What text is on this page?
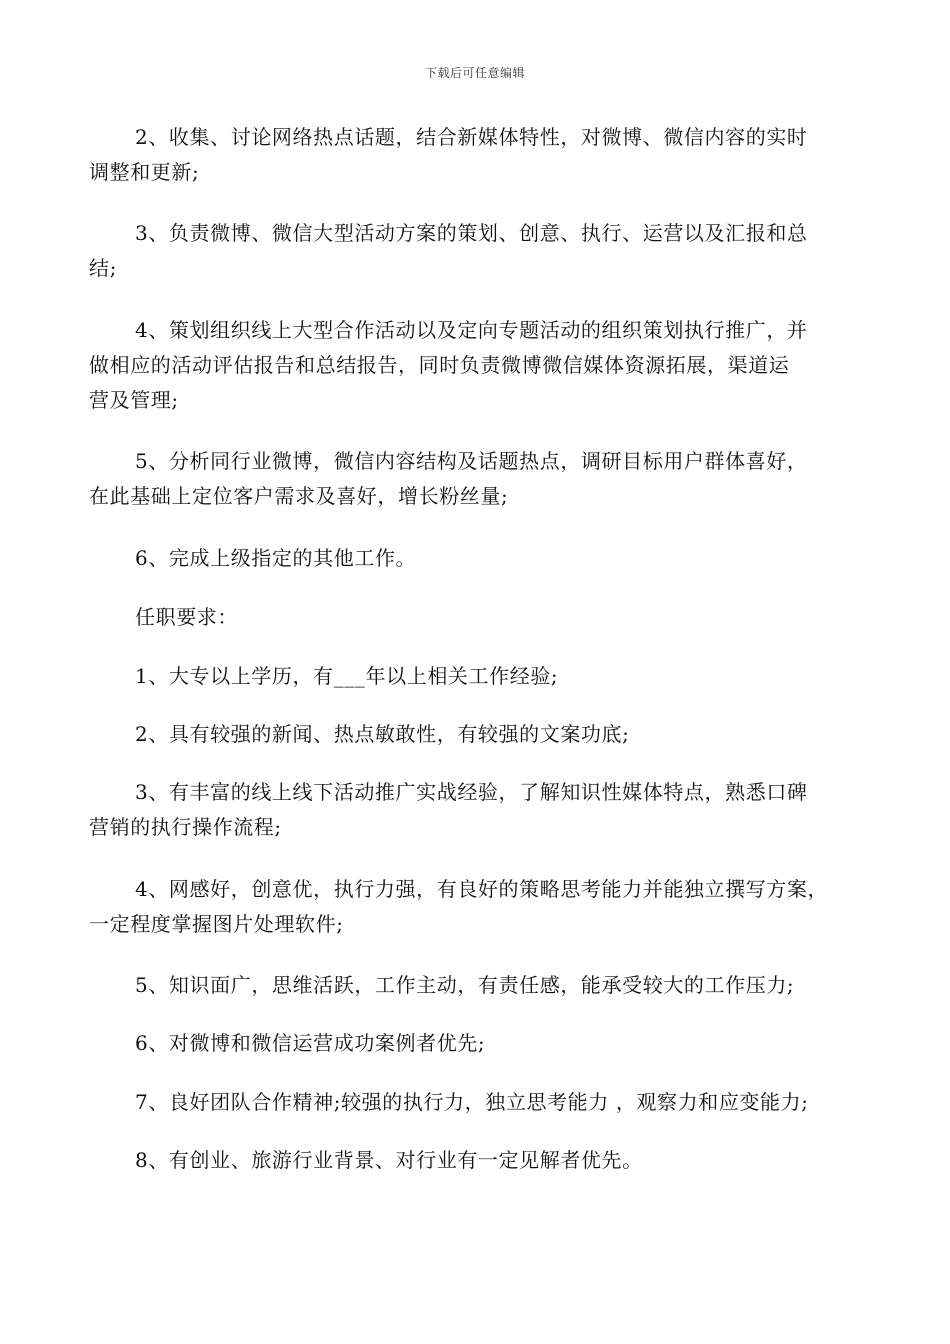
下载后可任意编辑
2、收集、讨论网络热点话题，结合新媒体特性，对微博、微信内容的实时
调整和更新;
3、负责微博、微信大型活动方案的策划、创意、执行、运营以及汇报和总
结;
4、策划组织线上大型合作活动以及定向专题活动的组织策划执行推广，并
做相应的活动评估报告和总结报告，同时负责微博微信媒体资源拓展，渠道运
营及管理;
5、分析同行业微博，微信内容结构及话题热点，调研目标用户群体喜好，
在此基础上定位客户需求及喜好，增长粉丝量;
6、完成上级指定的其他工作。
任职要求：
1、大专以上学历，有___年以上相关工作经验;
2、具有较强的新闻、热点敏敢性，有较强的文案功底;
3、有丰富的线上线下活动推广实战经验，了解知识性媒体特点，熟悉口碑
营销的执行操作流程;
4、网感好，创意优，执行力强，有良好的策略思考能力并能独立撰写方案，
一定程度掌握图片处理软件;
5、知识面广，思维活跃，工作主动，有责任感，能承受较大的工作压力;
6、对微博和微信运营成功案例者优先;
7、良好团队合作精神;较强的执行力，独立思考能力 ，观察力和应变能力;
8、有创业、旅游行业背景、对行业有一定见解者优先。
